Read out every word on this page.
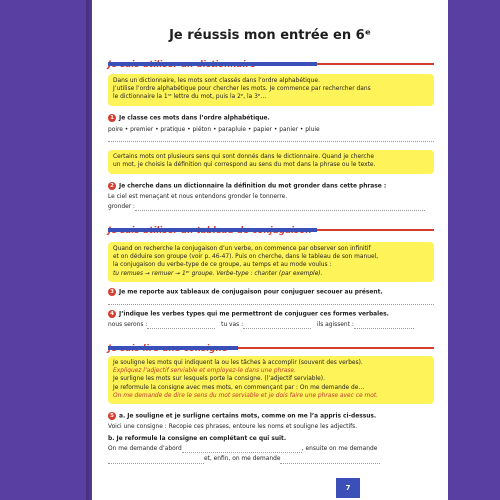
Je réussis mon entrée en 6ᵉ
Dans un dictionnaire, les mots sont classés dans l’ordre alphabétique.
J’utilise l’ordre alphabétique pour chercher les mots. Je commence par rechercher dans
le dictionnaire la 1ʳᵉ lettre du mot, puis la 2ᵉ, la 3ᵉ…
1 Je classe ces mots dans l’ordre alphabétique.
poire • premier • pratique • piéton • parapluie • papier • panier • pluie
Certains mots ont plusieurs sens qui sont donnés dans le dictionnaire. Quand je cherche
un mot, je choisis la définition qui correspond au sens du mot dans la phrase ou le texte.
2 Je cherche dans un dictionnaire la définition du mot gronder dans cette phrase :
Le ciel est menaçant et nous entendons gronder le tonnerre.
gronder :
Quand on recherche la conjugaison d’un verbe, on commence par observer son infinitif
et on déduire son groupe (voir p. 46-47). Puis on cherche, dans le tableau de son manuel,
la conjugaison du verbe-type de ce groupe, au temps et au mode voulus :
tu remues → remuer → 1ᵉʳ groupe. Verbe-type : chanter (par exemple).
3 Je me reporte aux tableaux de conjugaison pour conjuguer secouer au présent.
4 J’indique les verbes types qui me permettront de conjuguer ces formes verbales.
nous serons :	tu vas :	ils agissent :
Je souligne les mots qui indiquent la ou les tâches à accomplir (souvent des verbes).
Expliquez l’adjectif serviable et employez-le dans une phrase.
Je surligne les mots sur lesquels porte la consigne. (l’adjectif serviable).
Je reformule la consigne avec mes mots, en commençant par : On me demande de…
On me demande de dire le sens du mot serviable et je dois faire une phrase avec ce mot.
5 a. Je souligne et je surligne certains mots, comme on me l’a appris ci-dessus.
Voici une consigne : Recopie ces phrases, entoure les noms et souligne les adjectifs.
b. Je reformule la consigne en complétant ce qui suit.
On me demande d’abord	, ensuite on me demande
et, enfin, on me demande
7
